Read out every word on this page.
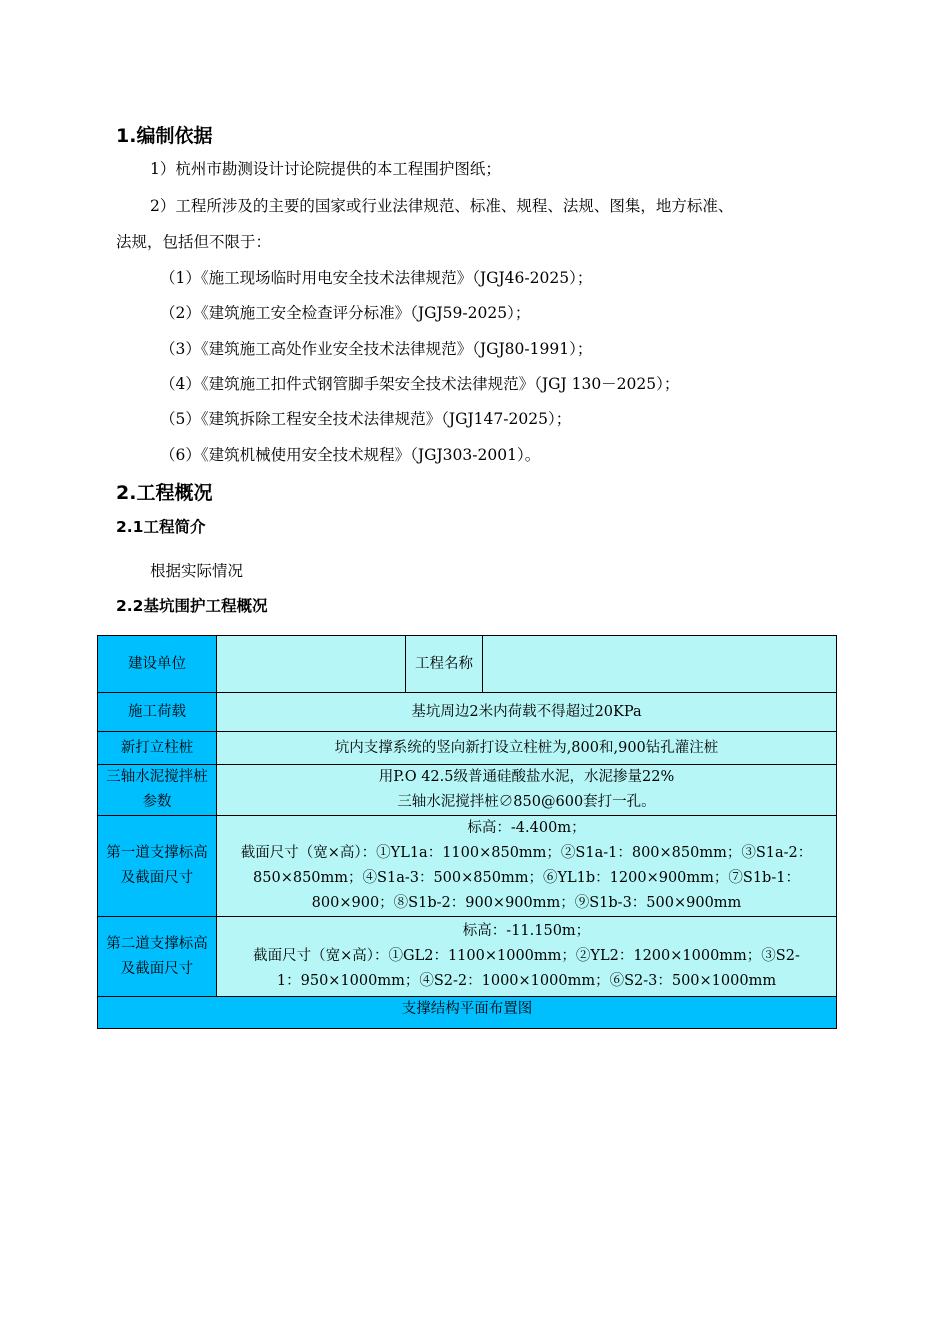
1.编制依据
1）杭州市勘测设计讨论院提供的本工程围护图纸；
2）工程所涉及的主要的国家或行业法律规范、标准、规程、法规、图集，地方标准、
法规，包括但不限于：
（1）《施工现场临时用电安全技术法律规范》（JGJ46-2025）；
（2）《建筑施工安全检查评分标准》（JGJ59-2025）；
（3）《建筑施工高处作业安全技术法律规范》（JGJ80-1991）；
（4）《建筑施工扣件式钢管脚手架安全技术法律规范》（JGJ 130－2025）；
（5）《建筑拆除工程安全技术法律规范》（JGJ147-2025）；
（6）《建筑机械使用安全技术规程》（JGJ303-2001）。
2.工程概况
2.1工程简介
根据实际情况
2.2基坑围护工程概况
建设单位		工程名称	
施工荷载	基坑周边2米内荷载不得超过20KPa		
新打立柱桩	坑内支撑系统的竖向新打设立柱桩为,800和,900钻孔灌注桩		
三轴水泥搅拌桩参数	用P.O 42.5级普通硅酸盐水泥，水泥掺量22%
三轴水泥搅拌桩∅850@600套打一孔。		

第一道支撑标高及截面尺寸	标高：-4.400m；
截面尺寸（宽×高）：①YL1a：1100×850mm；②S1a-1：800×850mm；③S1a-2：
850×850mm；④S1a-3：500×850mm；⑥YL1b：1200×900mm；⑦S1b-1：
800×900；⑧S1b-2：900×900mm；⑨S1b-3：500×900mm		

第二道支撑标高及截面尺寸	标高：-11.150m；
截面尺寸（宽×高）：①GL2：1100×1000mm；②YL2：1200×1000mm；③S2-
1：950×1000mm；④S2-2：1000×1000mm；⑥S2-3：500×1000mm		

支撑结构平面布置图			
